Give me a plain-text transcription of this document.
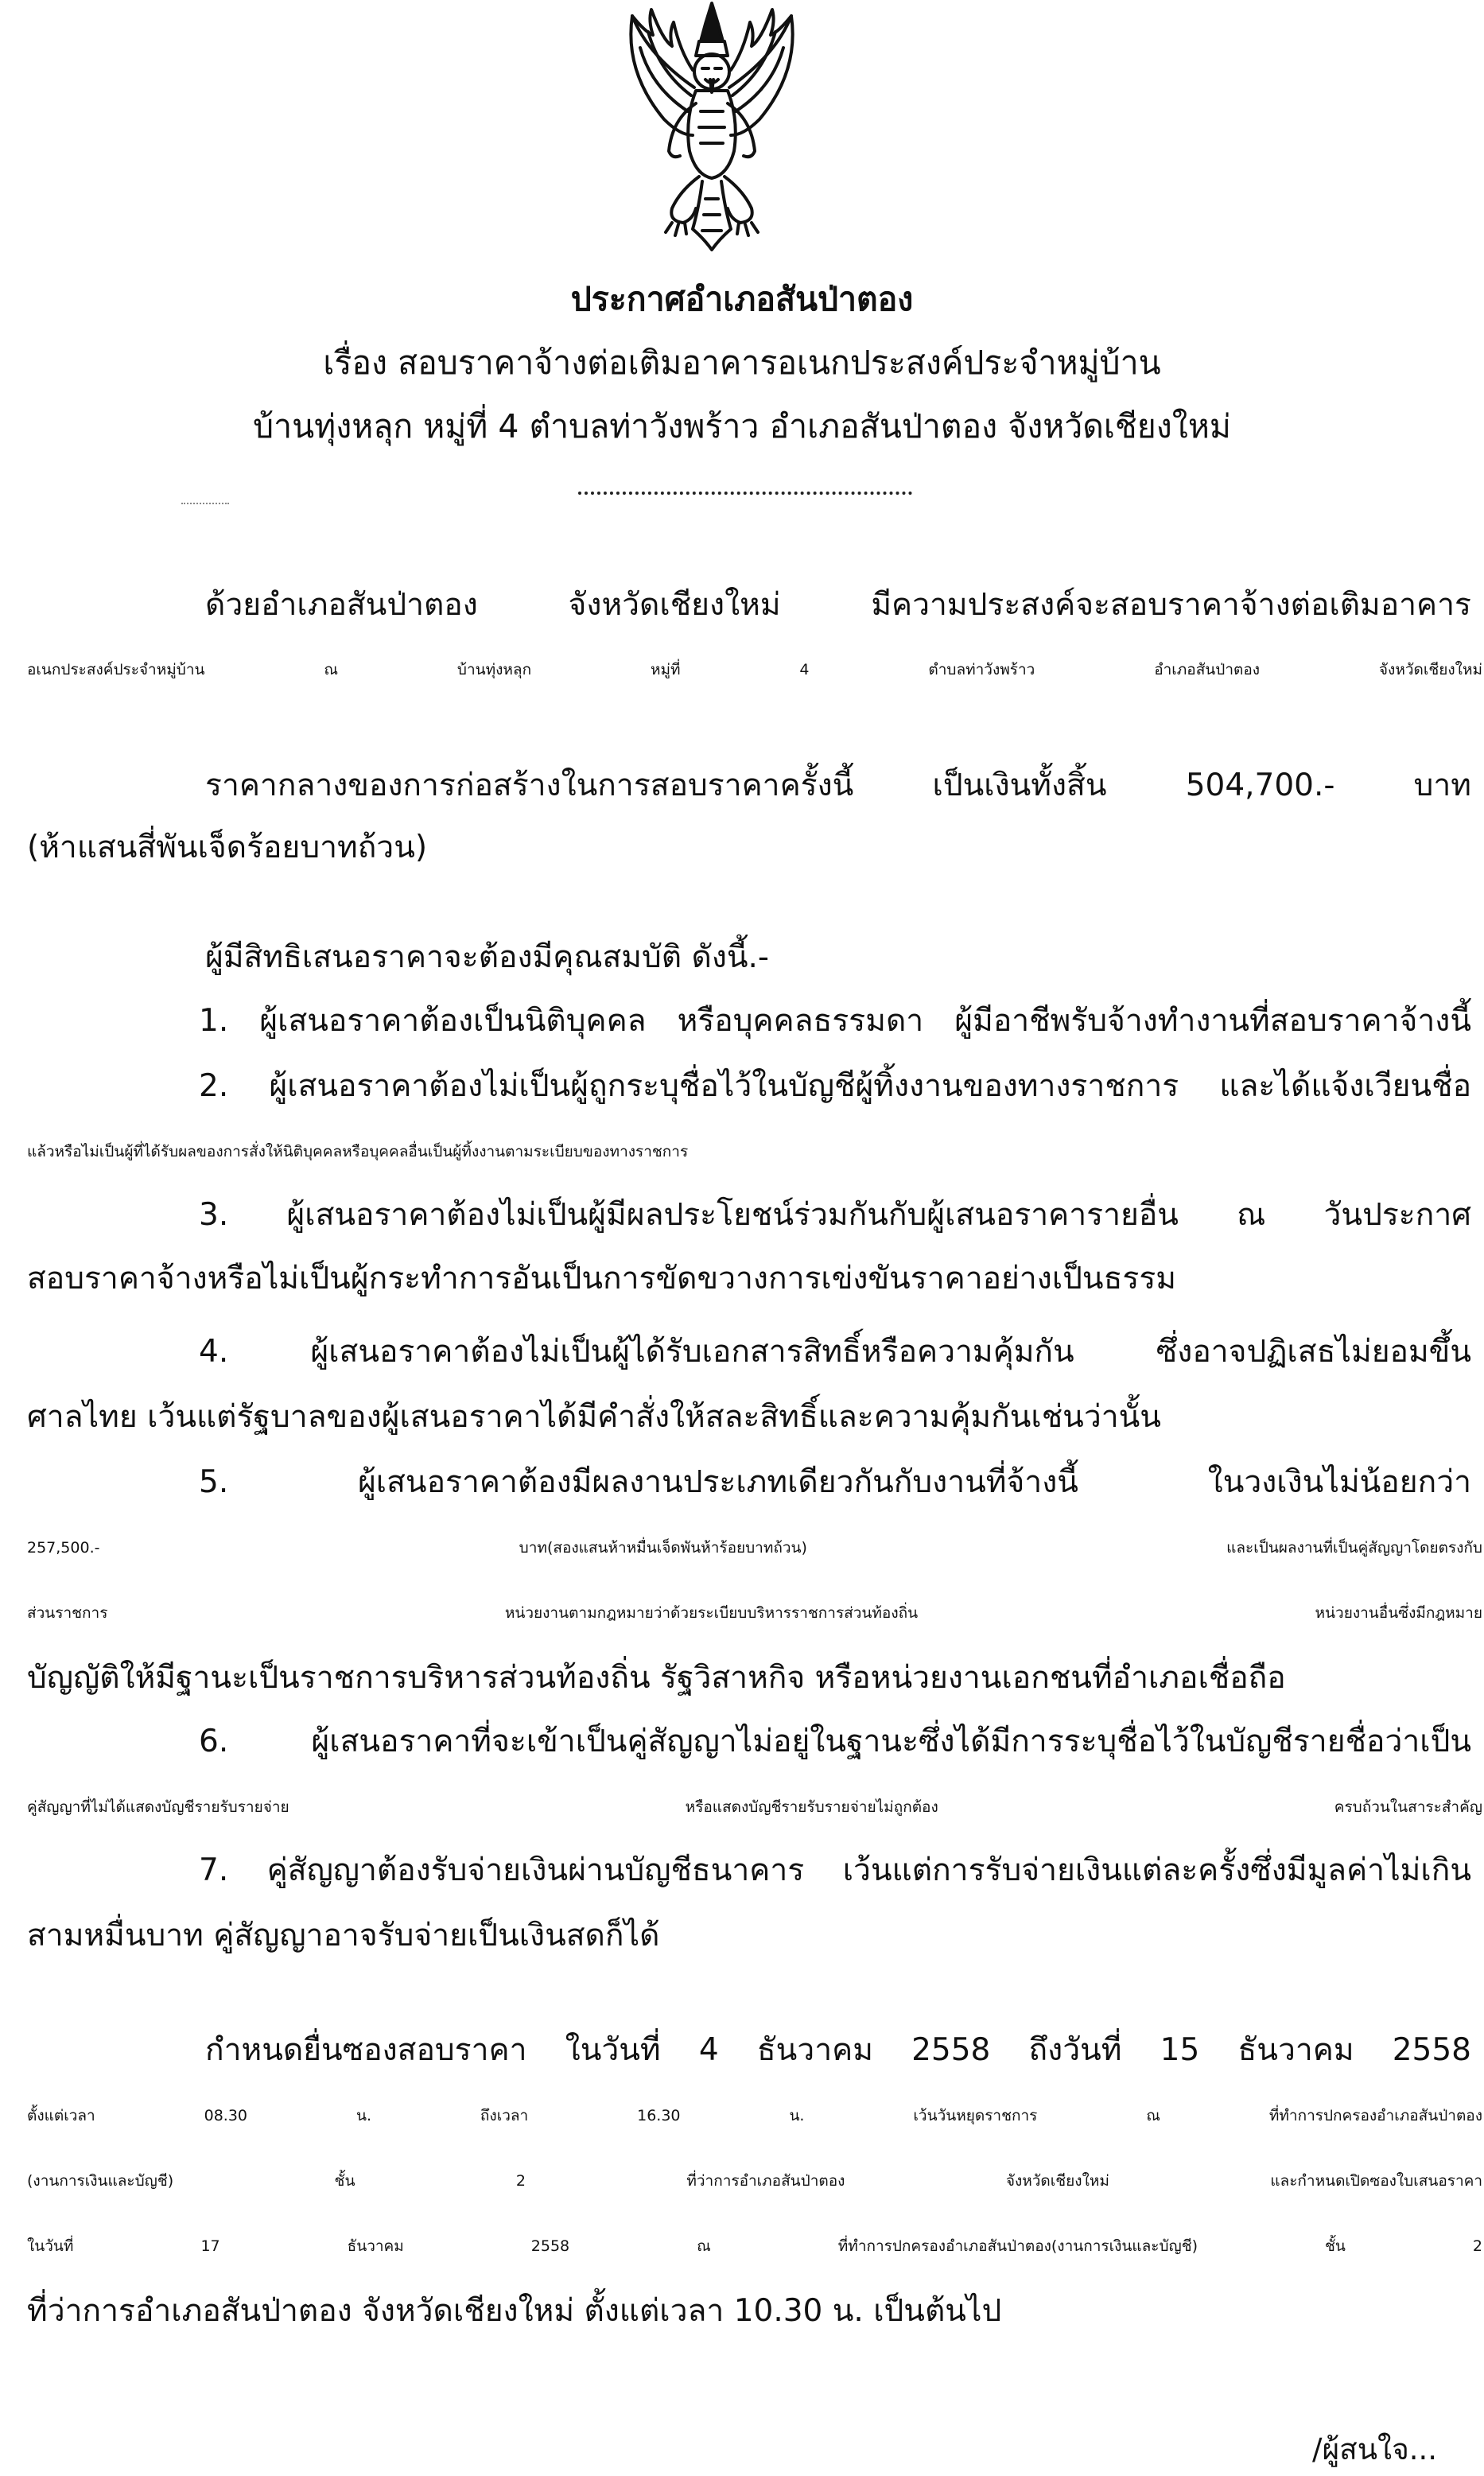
ประกาศอำเภอสันป่าตอง
เรื่อง สอบราคาจ้างต่อเติมอาคารอเนกประสงค์ประจำหมู่บ้าน
บ้านทุ่งหลุก หมู่ที่ 4 ตำบลท่าวังพร้าว อำเภอสันป่าตอง จังหวัดเชียงใหม่
ด้วยอำเภอสันป่าตอง จังหวัดเชียงใหม่ มีความประสงค์จะสอบราคาจ้างต่อเติมอาคาร
อเนกประสงค์ประจำหมู่บ้าน ณ บ้านทุ่งหลุก หมู่ที่ 4 ตำบลท่าวังพร้าว อำเภอสันป่าตอง จังหวัดเชียงใหม่
ราคากลางของการก่อสร้างในการสอบราคาครั้งนี้ เป็นเงินทั้งสิ้น 504,700.- บาท
(ห้าแสนสี่พันเจ็ดร้อยบาทถ้วน)
ผู้มีสิทธิเสนอราคาจะต้องมีคุณสมบัติ ดังนี้.-
1. ผู้เสนอราคาต้องเป็นนิติบุคคล หรือบุคคลธรรมดา ผู้มีอาชีพรับจ้างทำงานที่สอบราคาจ้างนี้
2. ผู้เสนอราคาต้องไม่เป็นผู้ถูกระบุชื่อไว้ในบัญชีผู้ทิ้งงานของทางราชการ และได้แจ้งเวียนชื่อ
แล้วหรือไม่เป็นผู้ที่ได้รับผลของการสั่งให้นิติบุคคลหรือบุคคลอื่นเป็นผู้ทิ้งงานตามระเบียบของทางราชการ
3. ผู้เสนอราคาต้องไม่เป็นผู้มีผลประโยชน์ร่วมกันกับผู้เสนอราคารายอื่น ณ วันประกาศ
สอบราคาจ้างหรือไม่เป็นผู้กระทำการอันเป็นการขัดขวางการเข่งขันราคาอย่างเป็นธรรม
4. ผู้เสนอราคาต้องไม่เป็นผู้ได้รับเอกสารสิทธิ์หรือความคุ้มกัน ซึ่งอาจปฏิเสธไม่ยอมขึ้น
ศาลไทย เว้นแต่รัฐบาลของผู้เสนอราคาได้มีคำสั่งให้สละสิทธิ์และความคุ้มกันเช่นว่านั้น
5. ผู้เสนอราคาต้องมีผลงานประเภทเดียวกันกับงานที่จ้างนี้ ในวงเงินไม่น้อยกว่า
257,500.- บาท(สองแสนห้าหมื่นเจ็ดพันห้าร้อยบาทถ้วน) และเป็นผลงานที่เป็นคู่สัญญาโดยตรงกับ
ส่วนราชการ หน่วยงานตามกฎหมายว่าด้วยระเบียบบริหารราชการส่วนท้องถิ่น หน่วยงานอื่นซึ่งมีกฎหมาย
บัญญัติให้มีฐานะเป็นราชการบริหารส่วนท้องถิ่น รัฐวิสาหกิจ หรือหน่วยงานเอกชนที่อำเภอเชื่อถือ
6. ผู้เสนอราคาที่จะเข้าเป็นคู่สัญญาไม่อยู่ในฐานะซึ่งได้มีการระบุชื่อไว้ในบัญชีรายชื่อว่าเป็น
คู่สัญญาที่ไม่ได้แสดงบัญชีรายรับรายจ่าย หรือแสดงบัญชีรายรับรายจ่ายไม่ถูกต้อง ครบถ้วนในสาระสำคัญ
7. คู่สัญญาต้องรับจ่ายเงินผ่านบัญชีธนาคาร เว้นแต่การรับจ่ายเงินแต่ละครั้งซึ่งมีมูลค่าไม่เกิน
สามหมื่นบาท คู่สัญญาอาจรับจ่ายเป็นเงินสดก็ได้
กำหนดยื่นซองสอบราคา ในวันที่ 4 ธันวาคม 2558 ถึงวันที่ 15 ธันวาคม 2558
ตั้งแต่เวลา 08.30 น. ถึงเวลา 16.30 น. เว้นวันหยุดราชการ ณ ที่ทำการปกครองอำเภอสันป่าตอง
(งานการเงินและบัญชี) ชั้น 2 ที่ว่าการอำเภอสันป่าตอง จังหวัดเชียงใหม่ และกำหนดเปิดซองใบเสนอราคา
ในวันที่ 17 ธันวาคม 2558 ณ ที่ทำการปกครองอำเภอสันป่าตอง(งานการเงินและบัญชี) ชั้น 2
ที่ว่าการอำเภอสันป่าตอง จังหวัดเชียงใหม่ ตั้งแต่เวลา 10.30 น. เป็นต้นไป
/ผู้สนใจ...
